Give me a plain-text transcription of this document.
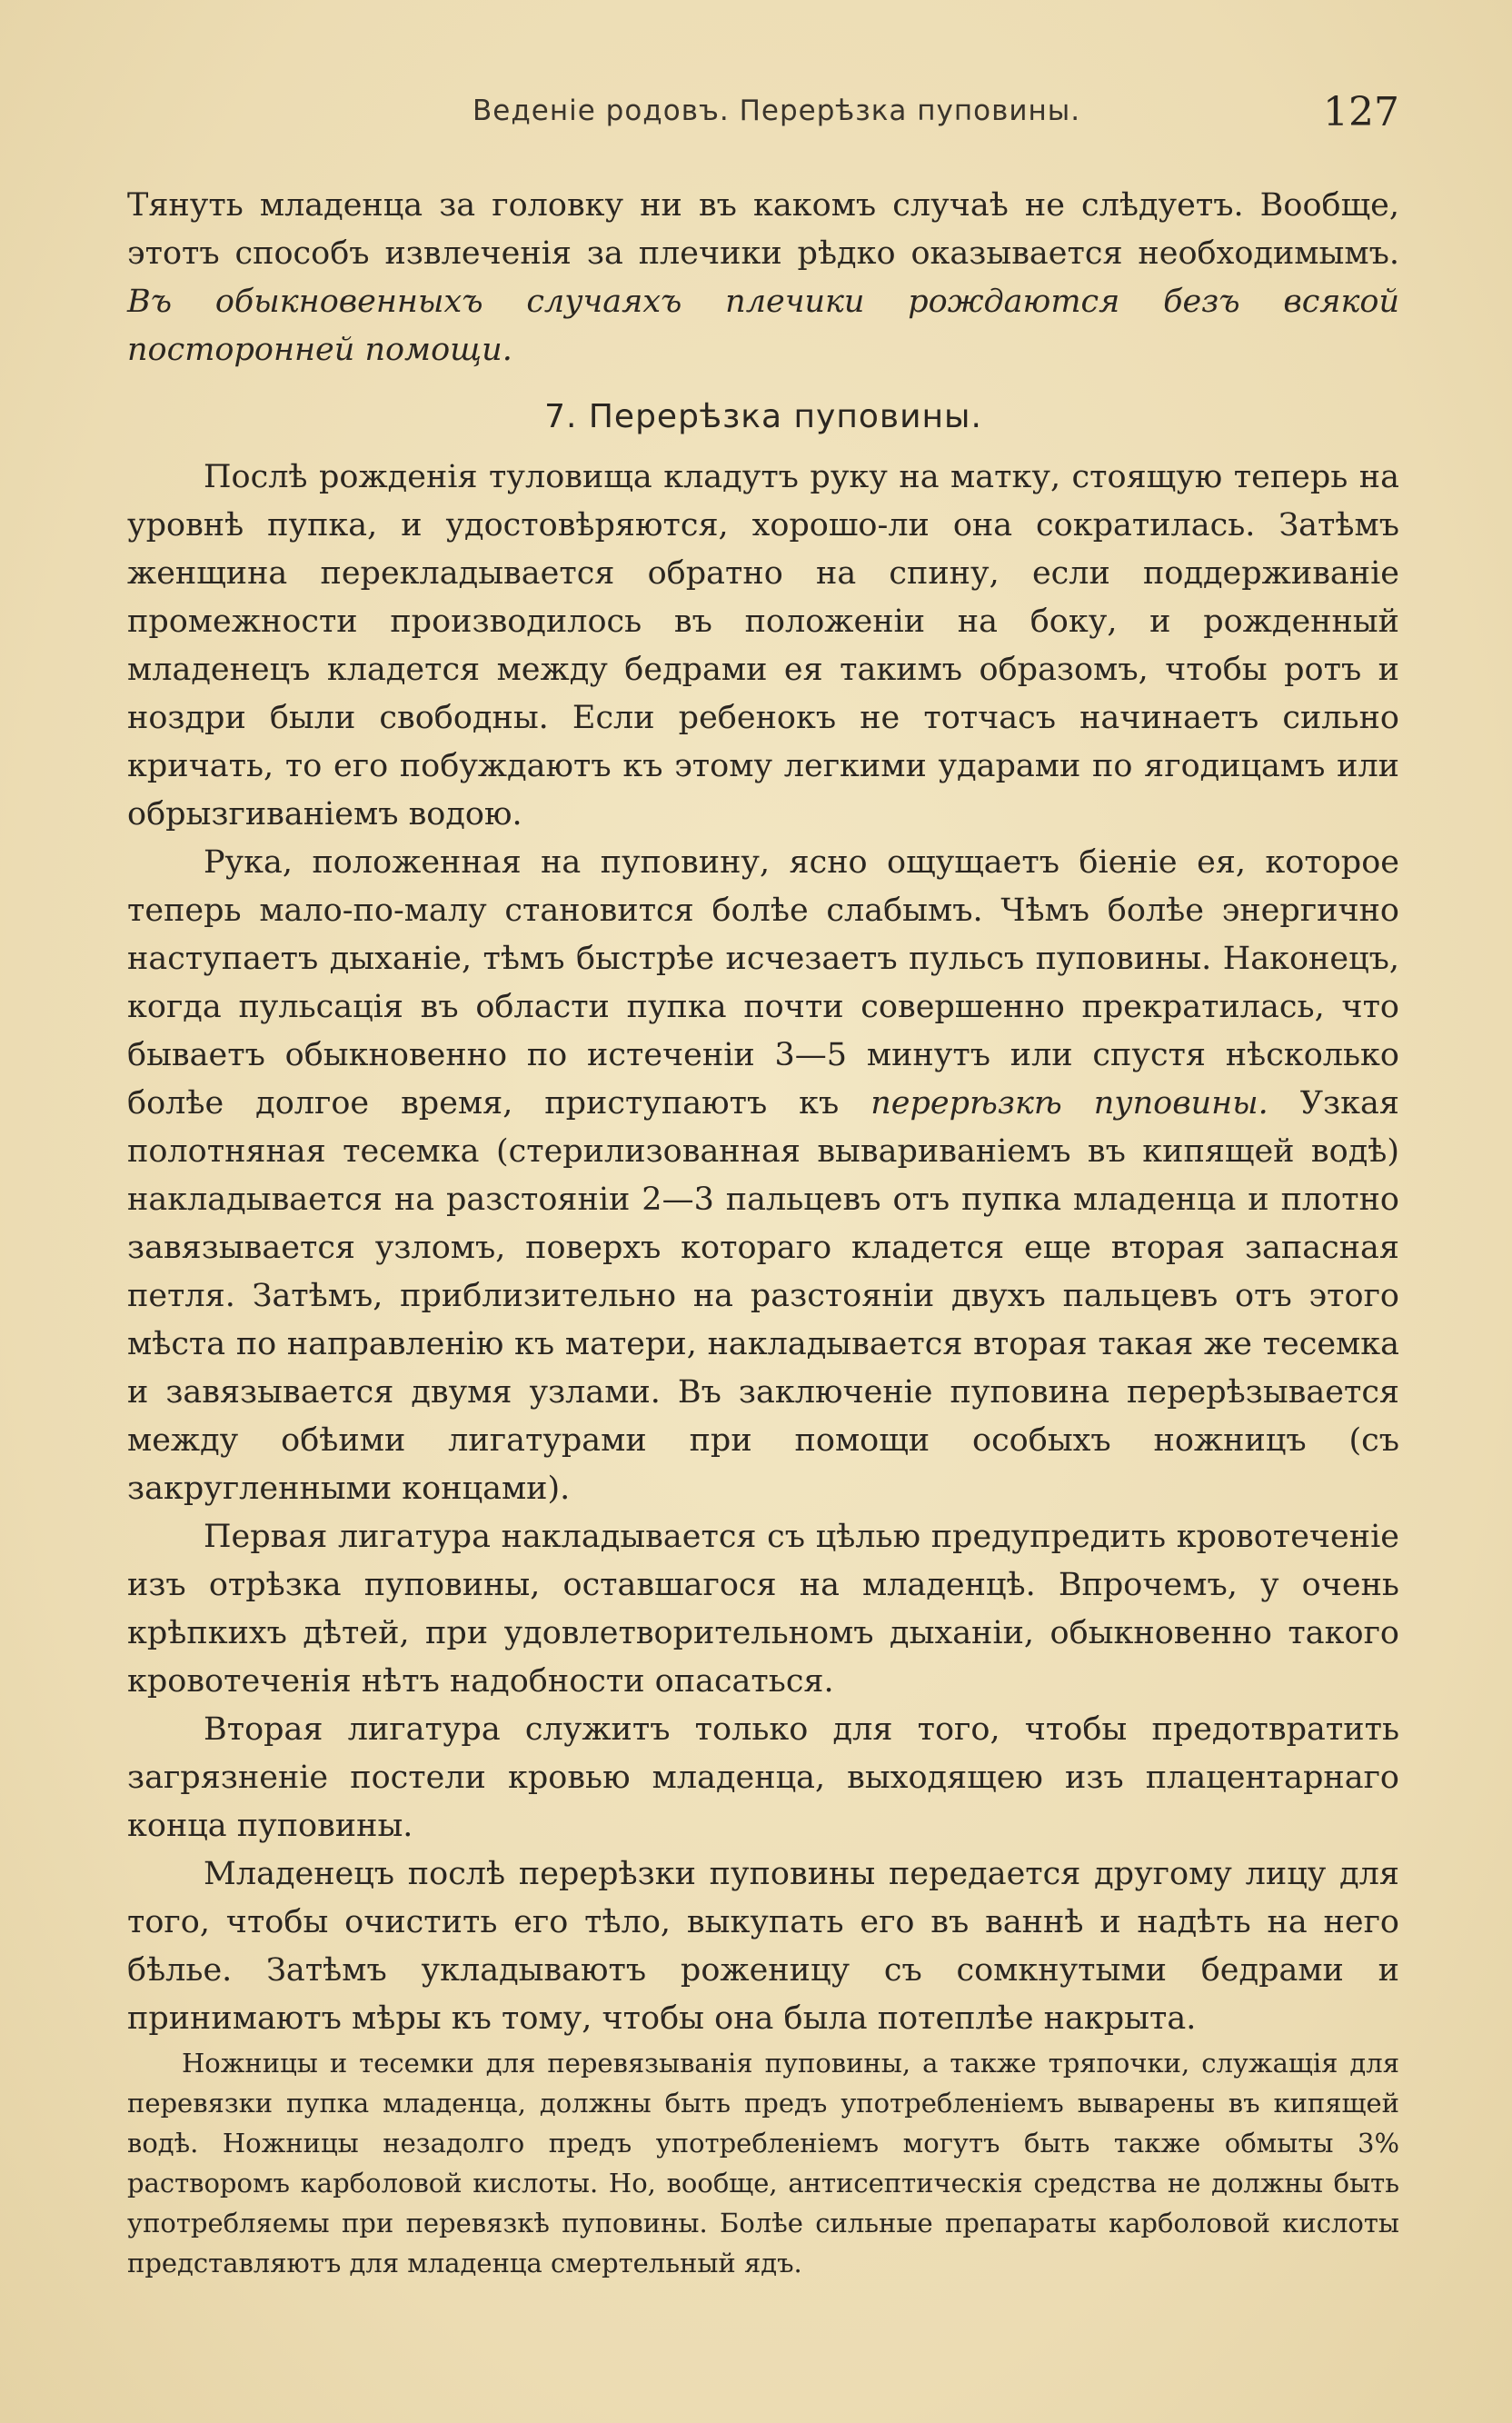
Веденіе родовъ. Перерѣзка пуповины.	127

Тянуть младенца за головку ни въ какомъ случаѣ не слѣдуетъ. Вообще, этотъ способъ извлеченія за плечики рѣдко оказывается необходимымъ. Въ обыкновенныхъ случаяхъ плечики рождаются безъ всякой посторонней помощи.

7. Перерѣзка пуповины.

Послѣ рожденія туловища кладутъ руку на матку, стоящую теперь на уровнѣ пупка, и удостовѣряются, хорошо-ли она сократилась. Затѣмъ женщина перекладывается обратно на спину, если поддерживаніе промежности производилось въ положеніи на боку, и рожденный младенецъ кладется между бедрами ея такимъ образомъ, чтобы ротъ и ноздри были свободны. Если ребенокъ не тотчасъ начинаетъ сильно кричать, то его побуждаютъ къ этому легкими ударами по ягодицамъ или обрызгиваніемъ водою.

Рука, положенная на пуповину, ясно ощущаетъ біеніе ея, которое теперь мало-по-малу становится болѣе слабымъ. Чѣмъ болѣе энергично наступаетъ дыханіе, тѣмъ быстрѣе исчезаетъ пульсъ пуповины. Наконецъ, когда пульсація въ области пупка почти совершенно прекратилась, что бываетъ обыкновенно по истеченіи 3—5 минутъ или спустя нѣсколько болѣе долгое время, приступаютъ къ перерѣзкѣ пуповины. Узкая полотняная тесемка (стерилизованная вывариваніемъ въ кипящей водѣ) накладывается на разстояніи 2—3 пальцевъ отъ пупка младенца и плотно завязывается узломъ, поверхъ котораго кладется еще вторая запасная петля. Затѣмъ, приблизительно на разстояніи двухъ пальцевъ отъ этого мѣста по направленію къ матери, накладывается вторая такая же тесемка и завязывается двумя узлами. Въ заключеніе пуповина перерѣзывается между обѣими лигатурами при помощи особыхъ ножницъ (съ закругленными концами).

Первая лигатура накладывается съ цѣлью предупредить кровотеченіе изъ отрѣзка пуповины, оставшагося на младенцѣ. Впрочемъ, у очень крѣпкихъ дѣтей, при удовлетворительномъ дыханіи, обыкновенно такого кровотеченія нѣтъ надобности опасаться.

Вторая лигатура служитъ только для того, чтобы предотвратить загрязненіе постели кровью младенца, выходящею изъ плацентарнаго конца пуповины.

Младенецъ послѣ перерѣзки пуповины передается другому лицу для того, чтобы очистить его тѣло, выкупать его въ ваннѣ и надѣть на него бѣлье. Затѣмъ укладываютъ роженицу съ сомкнутыми бедрами и принимаютъ мѣры къ тому, чтобы она была потеплѣе накрыта.

Ножницы и тесемки для перевязыванія пуповины, а также тряпочки, служащія для перевязки пупка младенца, должны быть предъ употребленіемъ выварены въ кипящей водѣ. Ножницы незадолго предъ употребленіемъ могутъ быть также обмыты 3% растворомъ карболовой кислоты. Но, вообще, антисептическія средства не должны быть употребляемы при перевязкѣ пуповины. Болѣе сильные препараты карболовой кислоты представляютъ для младенца смертельный ядъ.
